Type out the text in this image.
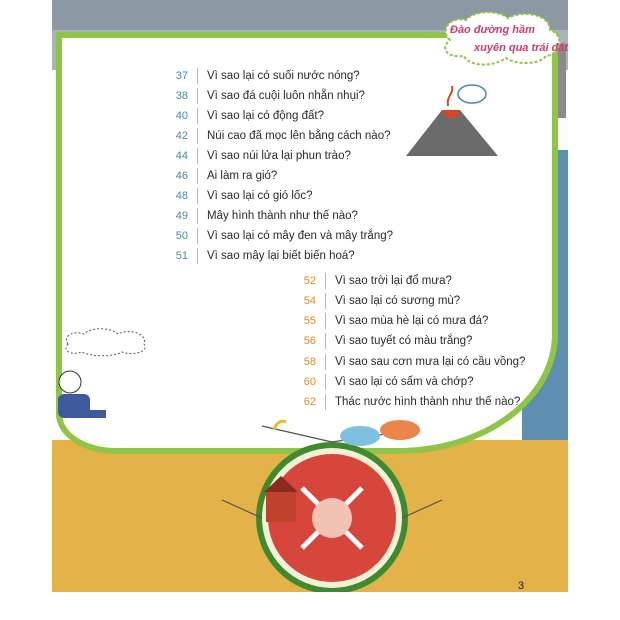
Đào đường hầm
xuyên qua trái đất
37 Vì sao lại có suối nước nóng?
38 Vì sao đá cuội luôn nhẵn nhụi?
40 Vì sao lại có động đất?
42 Núi cao đã mọc lên bằng cách nào?
44 Vì sao núi lửa lại phun trào?
46 Ai làm ra gió?
48 Vì sao lại có gió lốc?
49 Mây hình thành như thế nào?
50 Vì sao lại có mây đen và mây trắng?
51 Vì sao mây lại biết biến hoá?
52 Vì sao trời lại đổ mưa?
54 Vì sao lại có sương mù?
55 Vì sao mùa hè lại có mưa đá?
56 Vì sao tuyết có màu trắng?
58 Vì sao sau cơn mưa lại có cầu vồng?
60 Vì sao lại có sấm và chớp?
62 Thác nước hình thành như thế nào?
3
